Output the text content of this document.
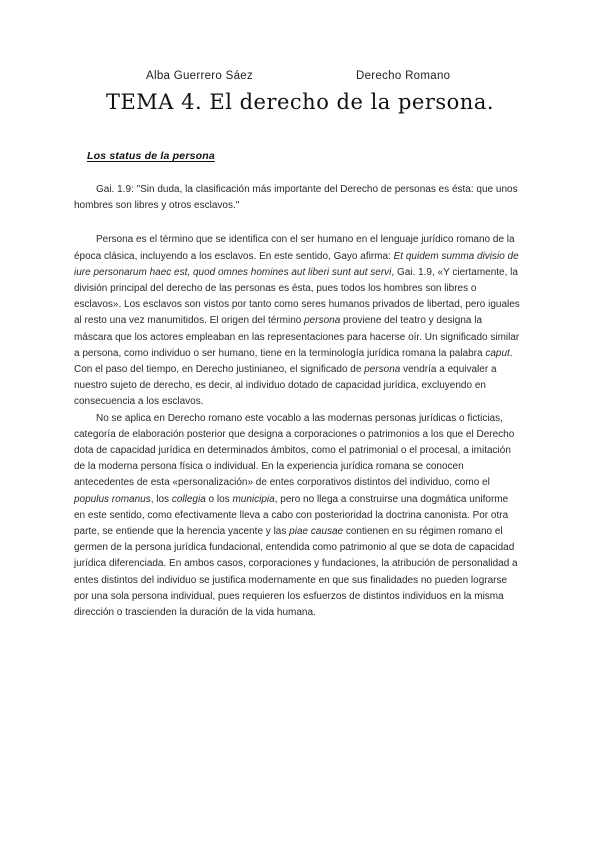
Alba Guerrero Sáez	Derecho Romano
TEMA 4. El derecho de la persona.
Los status de la persona

Gai. 1.9: "Sin duda, la clasificación más importante del Derecho de personas es ésta: que unos hombres son libres y otros esclavos."

Persona es el término que se identifica con el ser humano en el lenguaje jurídico romano de la época clásica, incluyendo a los esclavos. En este sentido, Gayo afirma: Et quidem summa divisio de iure personarum haec est, quod omnes homines aut liberi sunt aut servi, Gai. 1.9, «Y ciertamente, la división principal del derecho de las personas es ésta, pues todos los hombres son libres o esclavos». Los esclavos son vistos por tanto como seres humanos privados de libertad, pero iguales al resto una vez manumitidos. El origen del término persona proviene del teatro y designa la máscara que los actores empleaban en las representaciones para hacerse oír. Un significado similar a persona, como individuo o ser humano, tiene en la terminología jurídica romana la palabra caput. Con el paso del tiempo, en Derecho justinianeo, el significado de persona vendría a equivaler a nuestro sujeto de derecho, es decir, al individuo dotado de capacidad jurídica, excluyendo en consecuencia a los esclavos.

No se aplica en Derecho romano este vocablo a las modernas personas jurídicas o ficticias, categoría de elaboración posterior que designa a corporaciones o patrimonios a los que el Derecho dota de capacidad jurídica en determinados ámbitos, como el patrimonial o el procesal, a imitación de la moderna persona física o individual. En la experiencia jurídica romana se conocen antecedentes de esta «personalización» de entes corporativos distintos del individuo, como el populus romanus, los collegia o los municipia, pero no llega a construirse una dogmática uniforme en este sentido, como efectivamente lleva a cabo con posterioridad la doctrina canonista. Por otra parte, se entiende que la herencia yacente y las piae causae contienen en su régimen romano el germen de la persona jurídica fundacional, entendida como patrimonio al que se dota de capacidad jurídica diferenciada. En ambos casos, corporaciones y fundaciones, la atribución de personalidad a entes distintos del individuo se justifica modernamente en que sus finalidades no pueden lograrse por una sola persona individual, pues requieren los esfuerzos de distintos individuos en la misma dirección o trascienden la duración de la vida humana.
